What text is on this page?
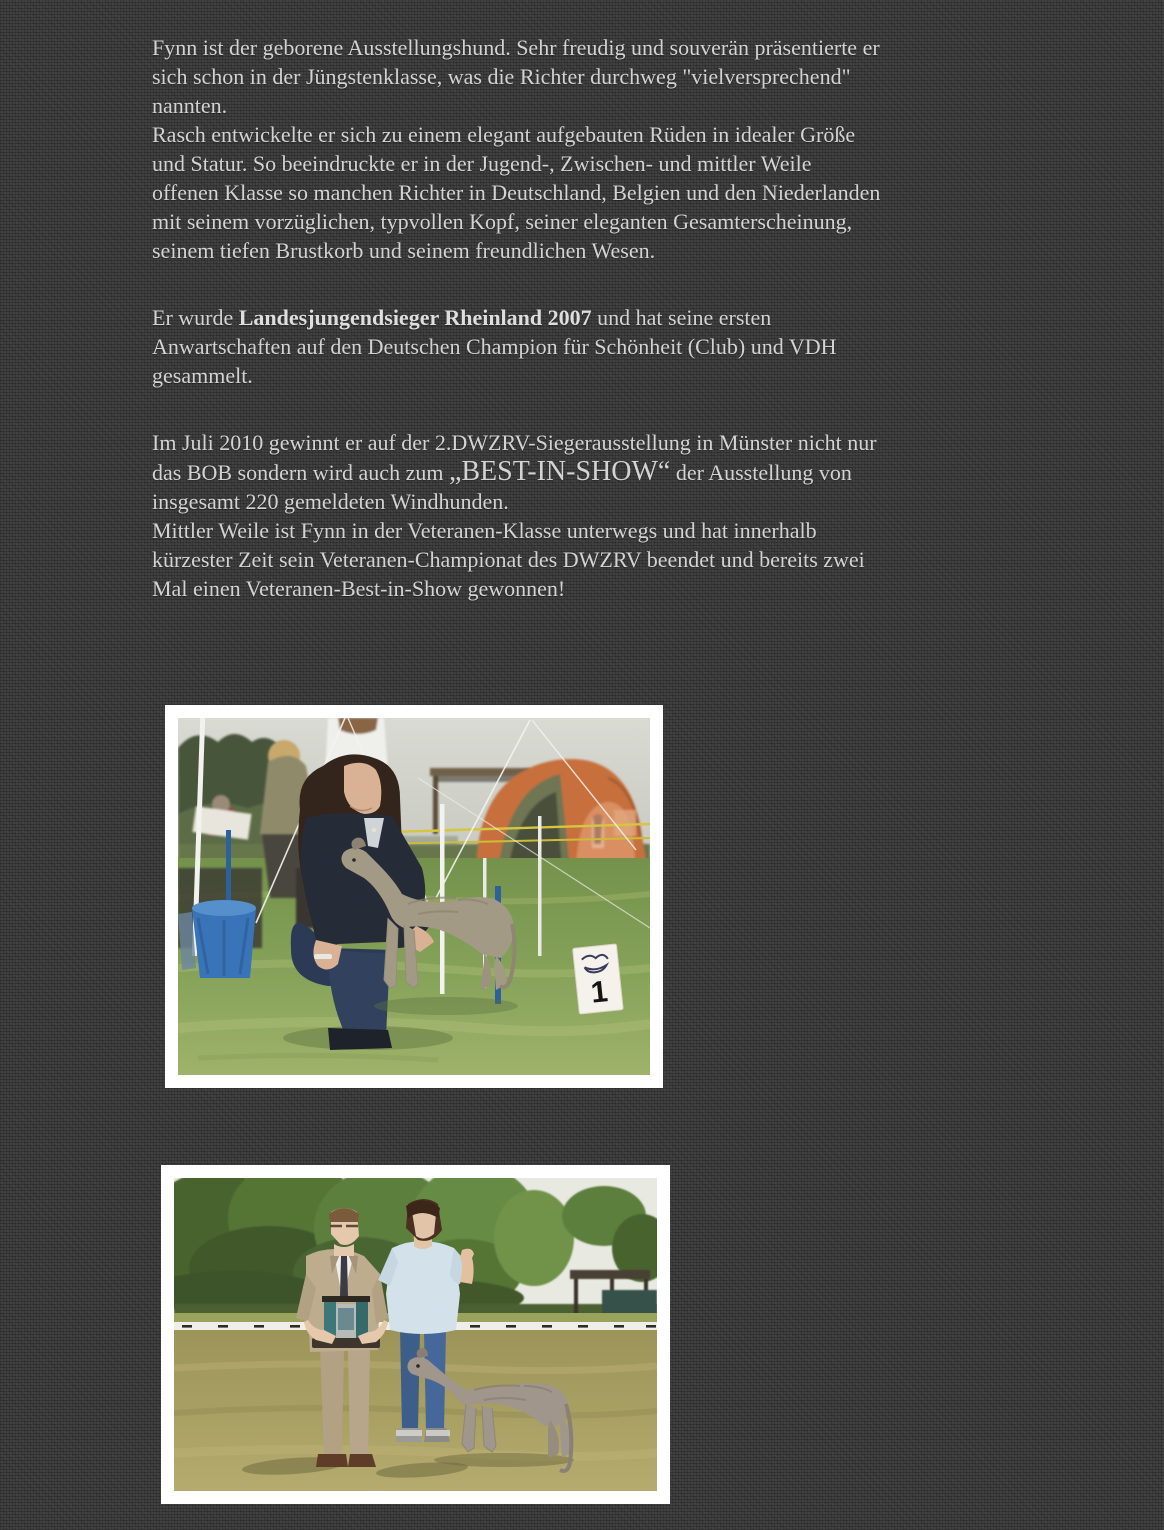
Fynn ist der geborene Ausstellungshund. Sehr freudig und souverän präsentierte er
sich schon in der Jüngstenklasse, was die Richter durchweg "vielversprechend"
nannten.
Rasch entwickelte er sich zu einem elegant aufgebauten Rüden in idealer Größe
und Statur. So beeindruckte er in der Jugend-, Zwischen- und mittler Weile
offenen Klasse so manchen Richter in Deutschland, Belgien und den Niederlanden
mit seinem vorzüglichen, typvollen Kopf, seiner eleganten Gesamterscheinung,
seinem tiefen Brustkorb und seinem freundlichen Wesen.

Er wurde Landesjungendsieger Rheinland 2007 und hat seine ersten
Anwartschaften auf den Deutschen Champion für Schönheit (Club) und VDH
gesammelt.

Im Juli 2010 gewinnt er auf der 2.DWZRV-Siegerausstellung in Münster nicht nur
das BOB sondern wird auch zum „BEST-IN-SHOW“ der Ausstellung von
insgesamt 220 gemeldeten Windhunden.
Mittler Weile ist Fynn in der Veteranen-Klasse unterwegs und hat innerhalb
kürzester Zeit sein Veteranen-Championat des DWZRV beendet und bereits zwei
Mal einen Veteranen-Best-in-Show gewonnen!

1
